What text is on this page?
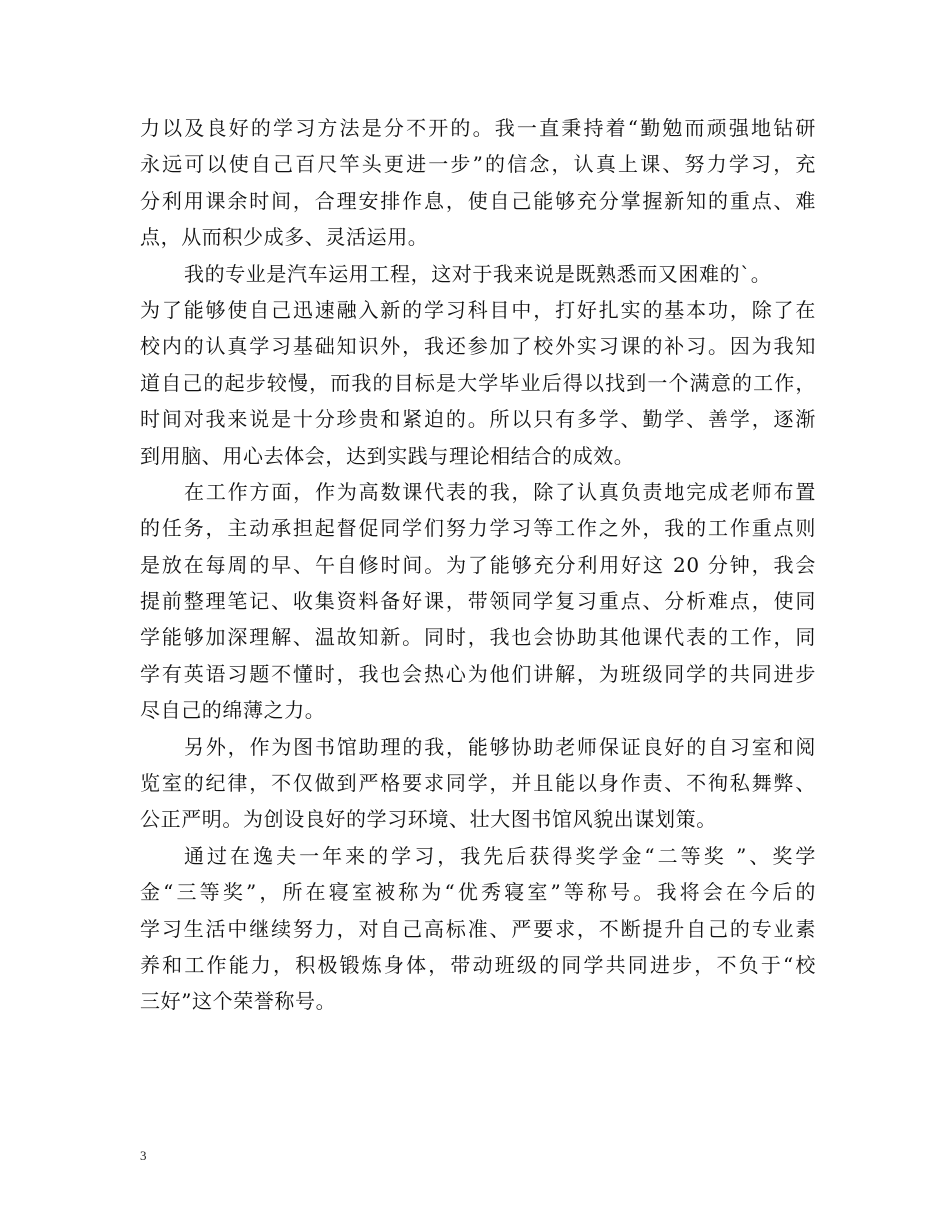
力以及良好的学习方法是分不开的。我一直秉持着“勤勉而顽强地钻研
永远可以使自己百尺竿头更进一步”的信念，认真上课、努力学习，充
分利用课余时间，合理安排作息，使自己能够充分掌握新知的重点、难
点，从而积少成多、灵活运用。
我的专业是汽车运用工程，这对于我来说是既熟悉而又困难的`。
为了能够使自己迅速融入新的学习科目中，打好扎实的基本功，除了在
校内的认真学习基础知识外，我还参加了校外实习课的补习。因为我知
道自己的起步较慢，而我的目标是大学毕业后得以找到一个满意的工作，
时间对我来说是十分珍贵和紧迫的。所以只有多学、勤学、善学，逐渐
到用脑、用心去体会，达到实践与理论相结合的成效。
在工作方面，作为高数课代表的我，除了认真负责地完成老师布置
的任务，主动承担起督促同学们努力学习等工作之外，我的工作重点则
是放在每周的早、午自修时间。为了能够充分利用好这 20 分钟，我会
提前整理笔记、收集资料备好课，带领同学复习重点、分析难点，使同
学能够加深理解、温故知新。同时，我也会协助其他课代表的工作，同
学有英语习题不懂时，我也会热心为他们讲解，为班级同学的共同进步
尽自己的绵薄之力。
另外，作为图书馆助理的我，能够协助老师保证良好的自习室和阅
览室的纪律，不仅做到严格要求同学，并且能以身作责、不徇私舞弊、
公正严明。为创设良好的学习环境、壮大图书馆风貌出谋划策。
通过在逸夫一年来的学习，我先后获得奖学金“二等奖 ”、奖学
金“三等奖”，所在寝室被称为“优秀寝室”等称号。我将会在今后的
学习生活中继续努力，对自己高标准、严要求，不断提升自己的专业素
养和工作能力，积极锻炼身体，带动班级的同学共同进步，不负于“校
三好”这个荣誉称号。
3
